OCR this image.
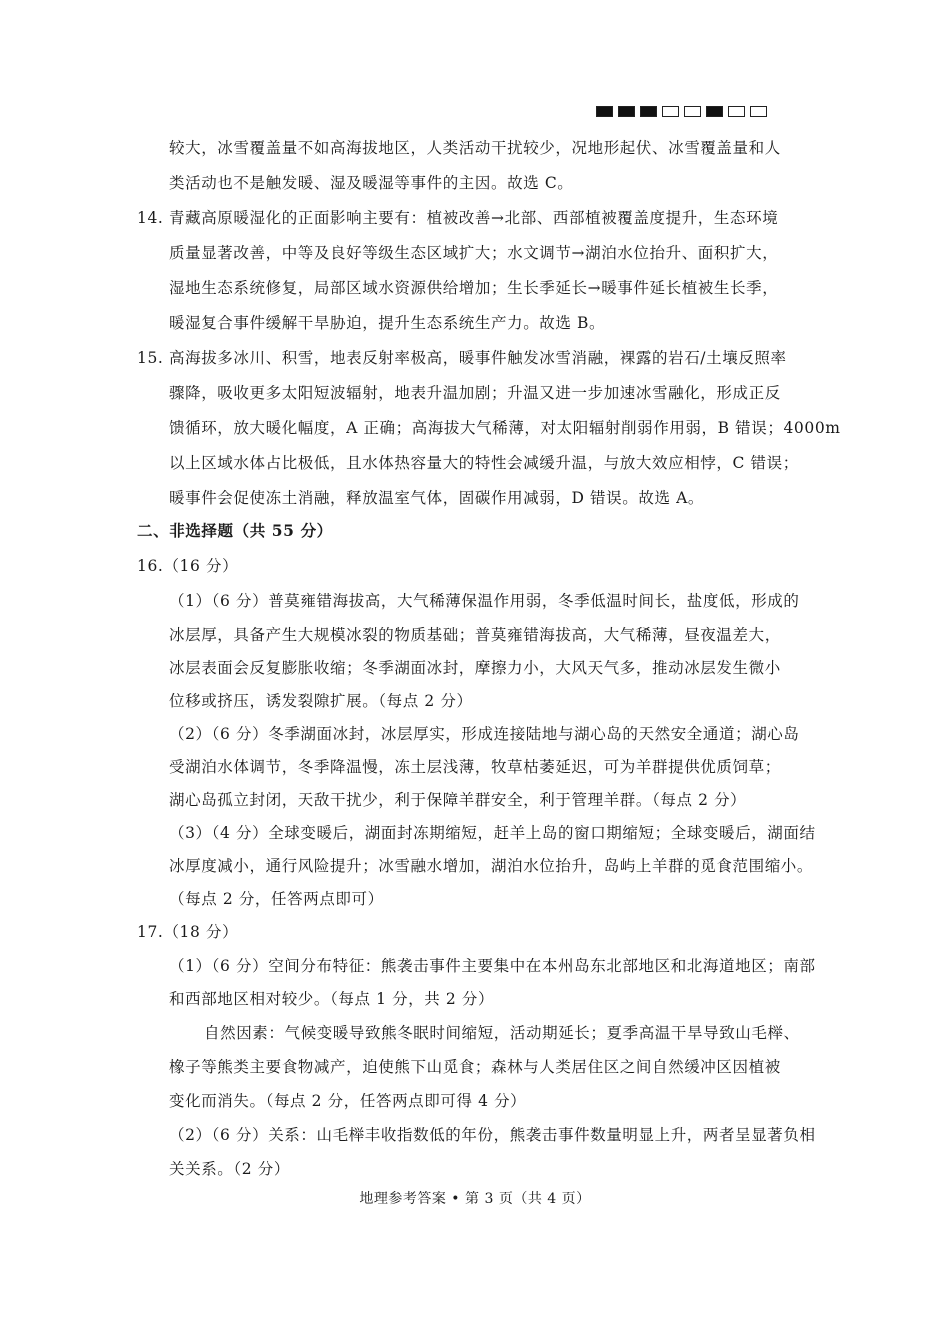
较大，冰雪覆盖量不如高海拔地区，人类活动干扰较少，况地形起伏、冰雪覆盖量和人
类活动也不是触发暖、湿及暖湿等事件的主因。故选 C。
14. 青藏高原暖湿化的正面影响主要有：植被改善→北部、西部植被覆盖度提升，生态环境
质量显著改善，中等及良好等级生态区域扩大；水文调节→湖泊水位抬升、面积扩大，
湿地生态系统修复，局部区域水资源供给增加；生长季延长→暖事件延长植被生长季，
暖湿复合事件缓解干旱胁迫，提升生态系统生产力。故选 B。
15. 高海拔多冰川、积雪，地表反射率极高，暖事件触发冰雪消融，裸露的岩石/土壤反照率
骤降，吸收更多太阳短波辐射，地表升温加剧；升温又进一步加速冰雪融化，形成正反
馈循环，放大暖化幅度，A 正确；高海拔大气稀薄，对太阳辐射削弱作用弱，B 错误；4000m
以上区域水体占比极低，且水体热容量大的特性会减缓升温，与放大效应相悖，C 错误；
暖事件会促使冻土消融，释放温室气体，固碳作用减弱，D 错误。故选 A。
二、非选择题（共 55 分）
16.（16 分）
（1）（6 分）普莫雍错海拔高，大气稀薄保温作用弱，冬季低温时间长，盐度低，形成的
冰层厚，具备产生大规模冰裂的物质基础；普莫雍错海拔高，大气稀薄，昼夜温差大，
冰层表面会反复膨胀收缩；冬季湖面冰封，摩擦力小，大风天气多，推动冰层发生微小
位移或挤压，诱发裂隙扩展。（每点 2 分）
（2）（6 分）冬季湖面冰封，冰层厚实，形成连接陆地与湖心岛的天然安全通道；湖心岛
受湖泊水体调节，冬季降温慢，冻土层浅薄，牧草枯萎延迟，可为羊群提供优质饲草；
湖心岛孤立封闭，天敌干扰少，利于保障羊群安全，利于管理羊群。（每点 2 分）
（3）（4 分）全球变暖后，湖面封冻期缩短，赶羊上岛的窗口期缩短；全球变暖后，湖面结
冰厚度减小，通行风险提升；冰雪融水增加，湖泊水位抬升，岛屿上羊群的觅食范围缩小。
（每点 2 分，任答两点即可）
17.（18 分）
（1）（6 分）空间分布特征：熊袭击事件主要集中在本州岛东北部地区和北海道地区；南部
和西部地区相对较少。（每点 1 分，共 2 分）
自然因素：气候变暖导致熊冬眠时间缩短，活动期延长；夏季高温干旱导致山毛榉、
橡子等熊类主要食物减产，迫使熊下山觅食；森林与人类居住区之间自然缓冲区因植被
变化而消失。（每点 2 分，任答两点即可得 4 分）
（2）（6 分）关系：山毛榉丰收指数低的年份，熊袭击事件数量明显上升，两者呈显著负相
关关系。（2 分）
地理参考答案 • 第 3 页（共 4 页）
